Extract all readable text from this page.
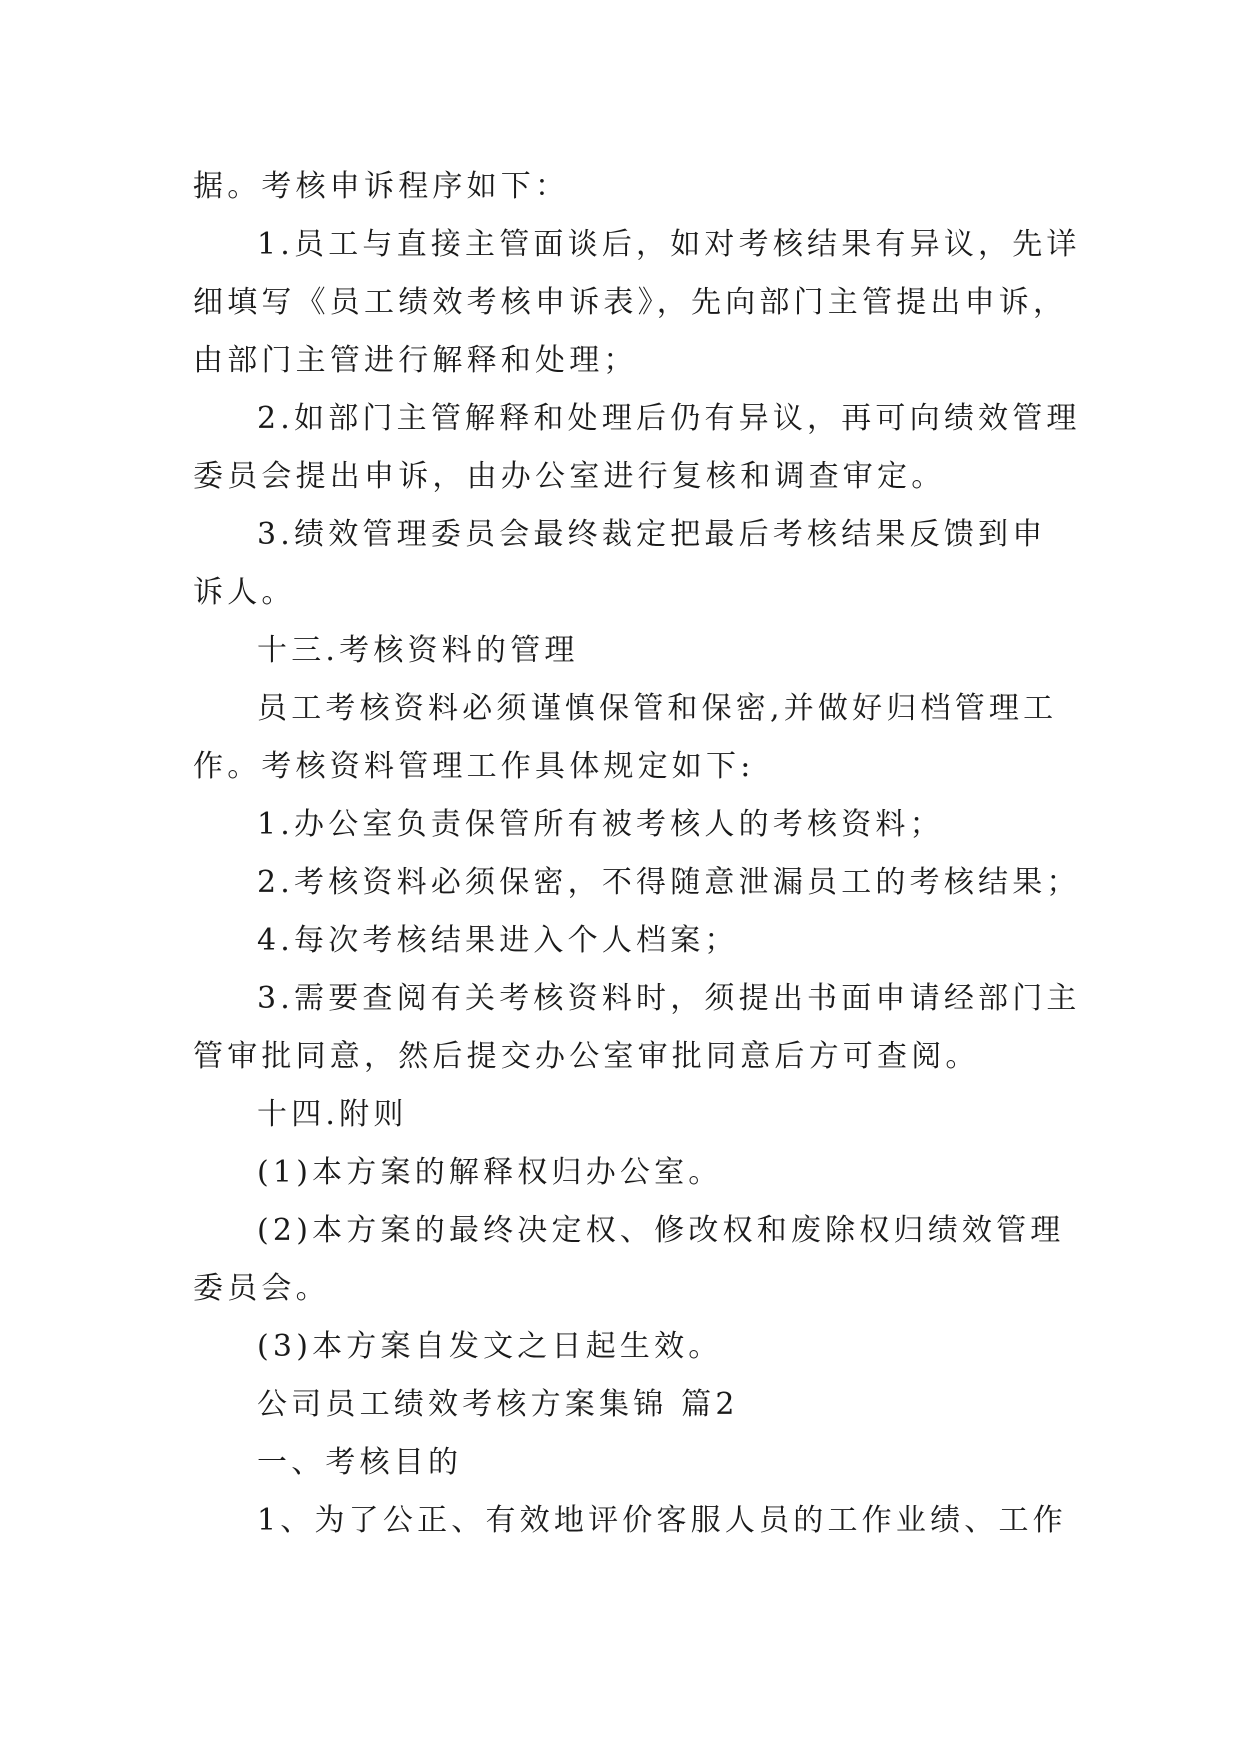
据。考核申诉程序如下：
1.员工与直接主管面谈后，如对考核结果有异议，先详
细填写《员工绩效考核申诉表》，先向部门主管提出申诉，
由部门主管进行解释和处理；
2.如部门主管解释和处理后仍有异议，再可向绩效管理
委员会提出申诉，由办公室进行复核和调查审定。
3.绩效管理委员会最终裁定把最后考核结果反馈到申
诉人。
十三.考核资料的管理
员工考核资料必须谨慎保管和保密,并做好归档管理工
作。考核资料管理工作具体规定如下:
1.办公室负责保管所有被考核人的考核资料；
2.考核资料必须保密，不得随意泄漏员工的考核结果；
4.每次考核结果进入个人档案；
3.需要查阅有关考核资料时，须提出书面申请经部门主
管审批同意，然后提交办公室审批同意后方可查阅。
十四.附则
(1)本方案的解释权归办公室。
(2)本方案的最终决定权、修改权和废除权归绩效管理
委员会。
(3)本方案自发文之日起生效。
公司员工绩效考核方案集锦 篇2
一、考核目的
1、为了公正、有效地评价客服人员的工作业绩、工作
